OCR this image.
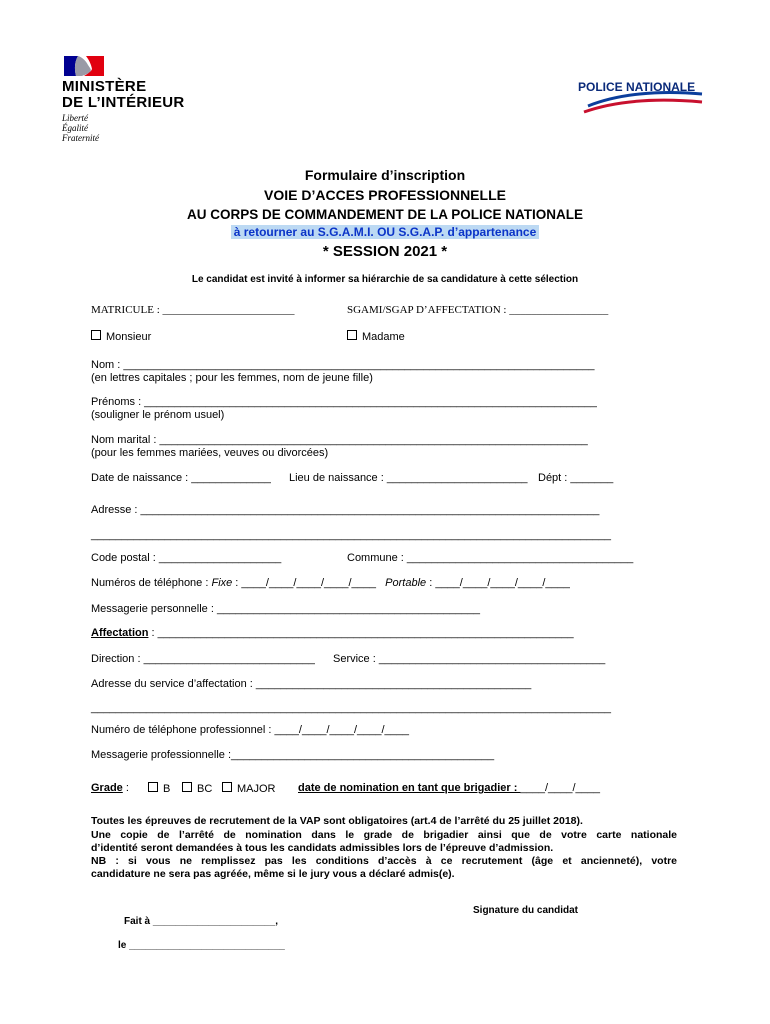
MINISTÈRE
DE L’INTÉRIEUR
Liberté
Égalité
Fraternité
POLICE NATIONALE
Formulaire d’inscription
VOIE D’ACCES PROFESSIONNELLE
AU CORPS DE COMMANDEMENT DE LA POLICE NATIONALE
à retourner au S.G.A.M.I. OU S.G.A.P. d’appartenance
* SESSION 2021 *
Le candidat est invité à informer sa hiérarchie de sa candidature à cette sélection
MATRICULE : ________________________	SGAMI/SGAP D’AFFECTATION : __________________
Monsieur	Madame
Nom : _____________________________________________________________________________
(en lettres capitales ; pour les femmes, nom de jeune fille)
Prénoms : __________________________________________________________________________
(souligner le prénom usuel)
Nom marital : ______________________________________________________________________
(pour les femmes mariées, veuves ou divorcées)
Date de naissance : _____________ Lieu de naissance : _______________________ Dépt : _______
Adresse : ___________________________________________________________________________
_____________________________________________________________________________________
Code postal : ____________________	Commune : _____________________________________
Numéros de téléphone : Fixe : ____/____/____/____/____ Portable : ____/____/____/____/____
Messagerie personnelle : ___________________________________________
Affectation : ____________________________________________________________________
Direction : ____________________________ Service : _____________________________________
Adresse du service d’affectation : _____________________________________________
_____________________________________________________________________________________
Numéro de téléphone professionnel : ____/____/____/____/____
Messagerie professionnelle :___________________________________________
Grade :	B	BC	MAJOR date de nomination en tant que brigadier : ____/____/____
Toutes les épreuves de recrutement de la VAP sont obligatoires (art.4 de l’arrêté du 25 juillet 2018).
Une copie de l’arrêté de nomination dans le grade de brigadier ainsi que de votre carte nationale
d’identité seront demandées à tous les candidats admissibles lors de l’épreuve d’admission.
NB : si vous ne remplissez pas les conditions d’accès à ce recrutement (âge et ancienneté), votre
candidature ne sera pas agréée, même si le jury vous a déclaré admis(e).
Signature du candidat
Fait à ______________________,
le ____________________________
